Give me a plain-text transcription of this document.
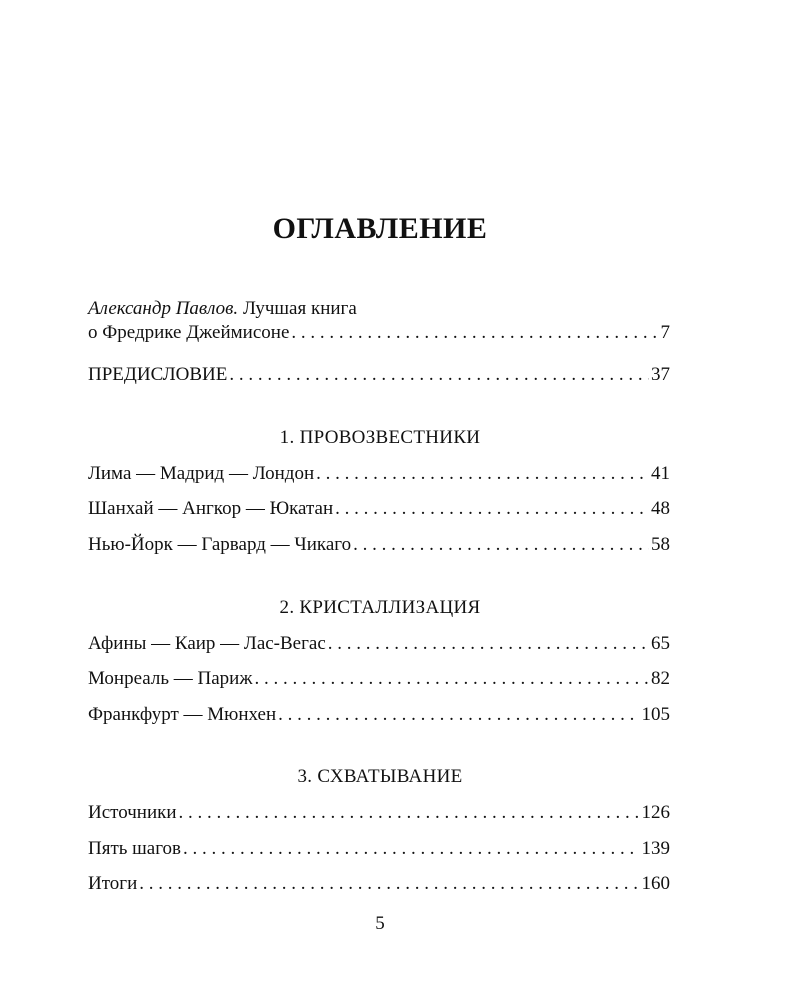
ОГЛАВЛЕНИЕ
Александр Павлов. Лучшая книга
о Фредрике Джеймисоне . . .	7
ПРЕДИСЛОВИЕ . . .	37
1. ПРОВОЗВЕСТНИКИ
Лима — Мадрид — Лондон . . .	41
Шанхай — Ангкор — Юкатан . . .	48
Нью-Йорк — Гарвард — Чикаго . . .	58
2. КРИСТАЛЛИЗАЦИЯ
Афины — Каир — Лас-Вегас . . .	65
Монреаль — Париж . . .	82
Франкфурт — Мюнхен . . .	105
3. СХВАТЫВАНИЕ
Источники . . .	126
Пять шагов . . .	139
Итоги . . .	160
5
